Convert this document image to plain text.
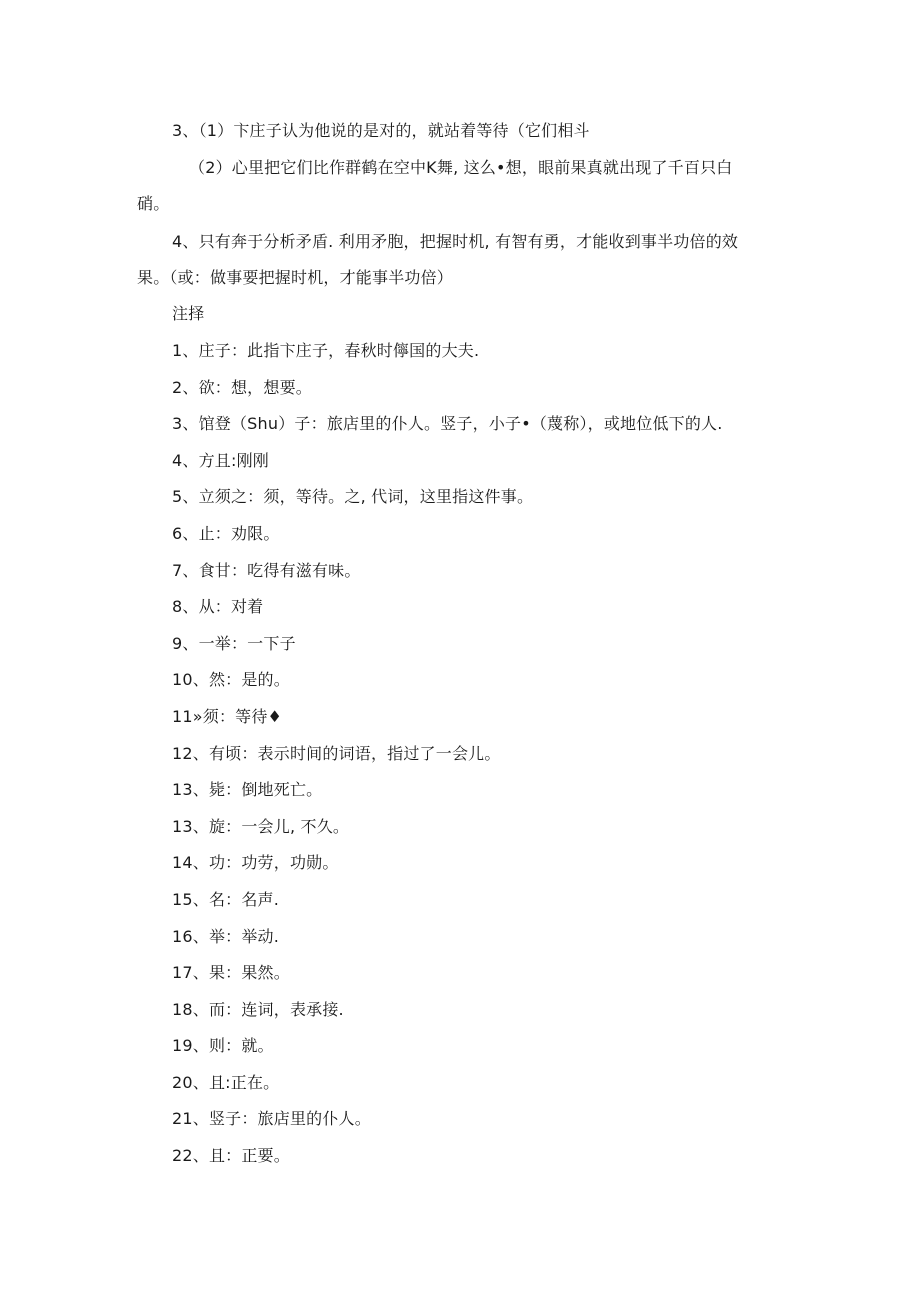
3、（1）卞庄子认为他说的是对的，就站着等待（它们相斗
（2）心里把它们比作群鹤在空中K舞, 这么•想，眼前果真就出现了千百只白
硝。
4、只有奔于分析矛盾. 利用矛胞，把握时机, 有智有勇，才能收到事半功倍的效
果。（或：做事要把握时机，才能事半功倍）
注择
1、庄子：此指卞庄子，春秋时儜国的大夫.
2、欲：想，想要。
3、馆登（Shu）子：旅店里的仆人。竖子，小子•（蔑称），或地位低下的人.
4、方且:刚刚
5、立须之：须，等待。之, 代词，这里指这件事。
6、止：劝限。
7、食甘：吃得有滋有味。
8、从：对着
9、一举：一下子
10、然：是的。
11»须：等待♦
12、有顷：表示时间的词语，指过了一会儿。
13、毙：倒地死亡。
13、旋：一会儿, 不久。
14、功：功劳，功勋。
15、名：名声.
16、举：举动.
17、果：果然。
18、而：连词，表承接.
19、则：就。
20、且:正在。
21、竖子：旅店里的仆人。
22、且：正要。
